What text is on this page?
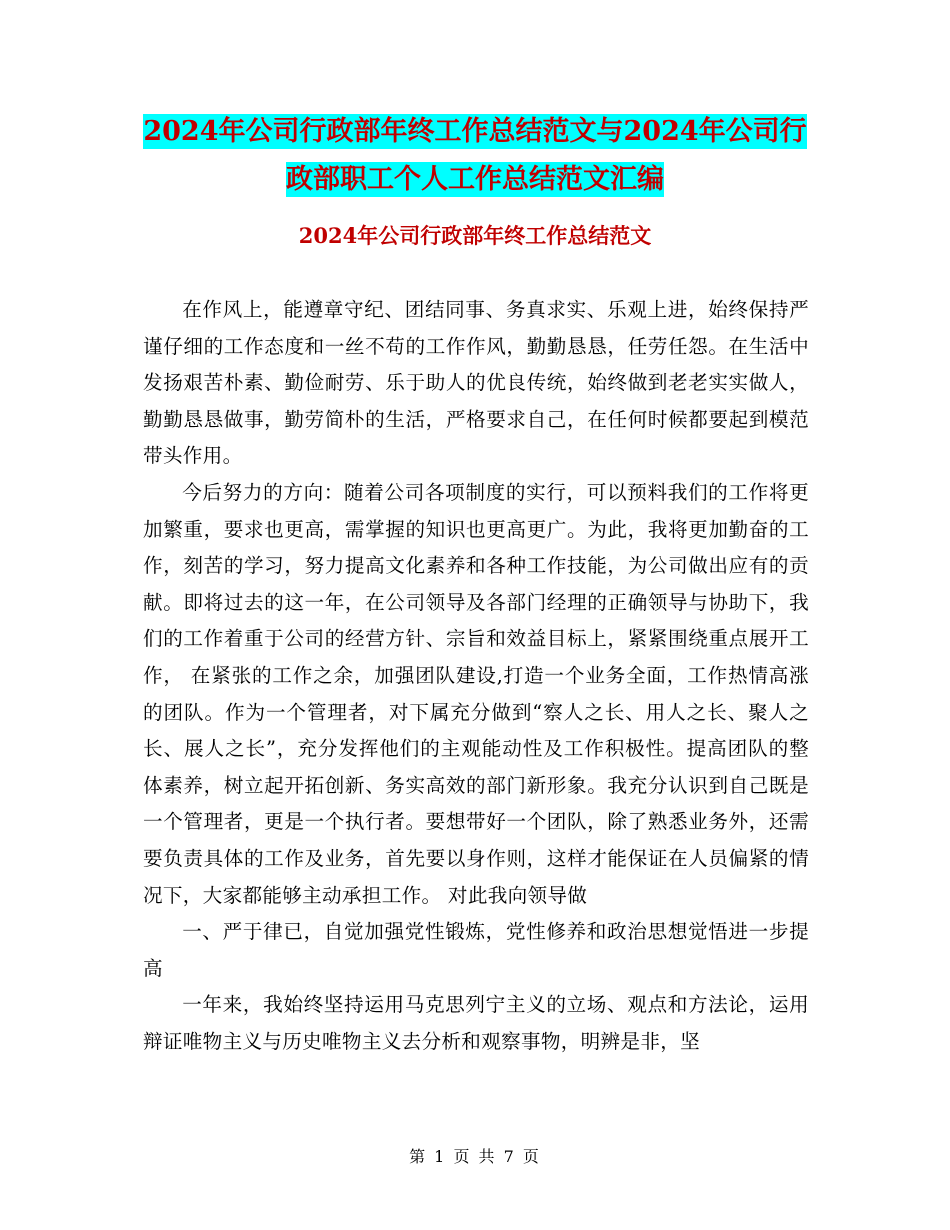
2024年公司行政部年终工作总结范文与2024年公司行政部职工个人工作总结范文汇编
2024年公司行政部年终工作总结范文

在作风上，能遵章守纪、团结同事、务真求实、乐观上进，始终保持严谨仔细的工作态度和一丝不苟的工作作风，勤勤恳恳，任劳任怨。在生活中发扬艰苦朴素、勤俭耐劳、乐于助人的优良传统，始终做到老老实实做人，勤勤恳恳做事，勤劳简朴的生活，严格要求自己，在任何时候都要起到模范带头作用。

今后努力的方向：随着公司各项制度的实行，可以预料我们的工作将更加繁重，要求也更高，需掌握的知识也更高更广。为此，我将更加勤奋的工作，刻苦的学习，努力提高文化素养和各种工作技能，为公司做出应有的贡献。即将过去的这一年，在公司领导及各部门经理的正确领导与协助下，我们的工作着重于公司的经营方针、宗旨和效益目标上，紧紧围绕重点展开工作， 在紧张的工作之余，加强团队建设,打造一个业务全面，工作热情高涨的团队。作为一个管理者，对下属充分做到“察人之长、用人之长、聚人之长、展人之长”，充分发挥他们的主观能动性及工作积极性。提高团队的整体素养，树立起开拓创新、务实高效的部门新形象。我充分认识到自己既是一个管理者，更是一个执行者。要想带好一个团队，除了熟悉业务外，还需要负责具体的工作及业务，首先要以身作则，这样才能保证在人员偏紧的情况下，大家都能够主动承担工作。 对此我向领导做

一、严于律已，自觉加强党性锻炼，党性修养和政治思想觉悟进一步提高

一年来，我始终坚持运用马克思列宁主义的立场、观点和方法论，运用辩证唯物主义与历史唯物主义去分析和观察事物，明辨是非，坚

第 1 页 共 7 页
